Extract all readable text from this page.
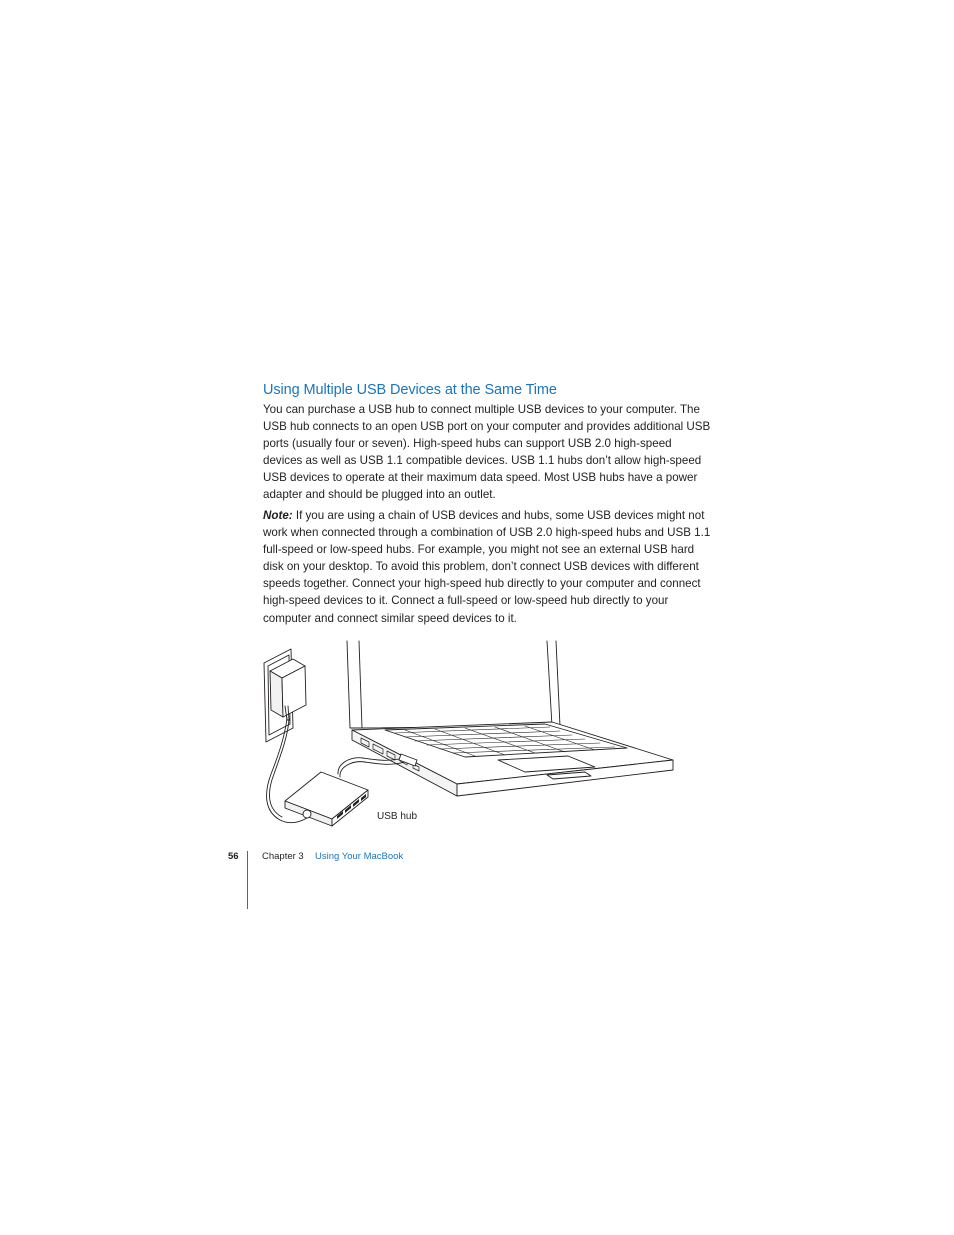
Using Multiple USB Devices at the Same Time

You can purchase a USB hub to connect multiple USB devices to your computer. The USB hub connects to an open USB port on your computer and provides additional USB ports (usually four or seven). High-speed hubs can support USB 2.0 high-speed devices as well as USB 1.1 compatible devices. USB 1.1 hubs don’t allow high-speed USB devices to operate at their maximum data speed. Most USB hubs have a power adapter and should be plugged into an outlet.

Note: If you are using a chain of USB devices and hubs, some USB devices might not work when connected through a combination of USB 2.0 high-speed hubs and USB 1.1 full-speed or low-speed hubs. For example, you might not see an external USB hard disk on your desktop. To avoid this problem, don’t connect USB devices with different speeds together. Connect your high-speed hub directly to your computer and connect high-speed devices to it. Connect a full-speed or low-speed hub directly to your computer and connect similar speed devices to it.

USB hub
56 Chapter 3 Using Your MacBook
